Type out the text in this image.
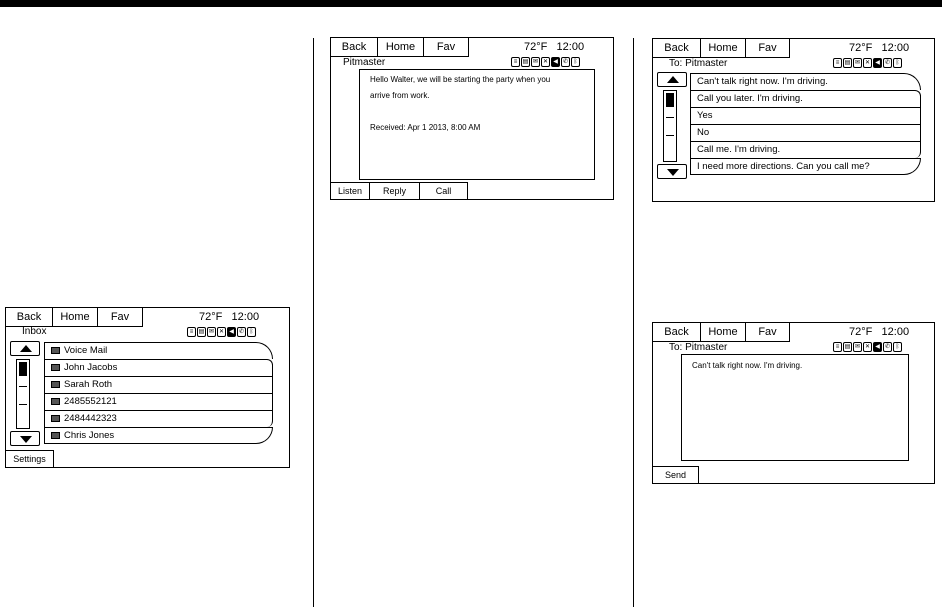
Back	Home	Fav	72°F 12:00
Inbox	≡ ▤ ✉ ✕ ◀ ✆ ᛒ
Voice Mail
John Jacobs
Sarah Roth
2485552121
2484442323
Chris Jones
Settings
Back	Home	Fav	72°F 12:00
Pitmaster	≡ ▤ ✉ ✕ ◀ ✆ ᛒ
Hello Walter, we will be starting the party when you
arrive from work.

Received: Apr 1 2013, 8:00 AM
Listen	Reply	Call
Back	Home	Fav	72°F 12:00
To: Pitmaster	≡ ▤ ✉ ✕ ◀ ✆ ᛒ
Can't talk right now. I'm driving.
Call you later. I'm driving.
Yes
No
Call me. I'm driving.
I need more directions. Can you call me?
Back	Home	Fav	72°F 12:00
To: Pitmaster	≡ ▤ ✉ ✕ ◀ ✆ ᛒ
Can't talk right now. I'm driving.
Send
